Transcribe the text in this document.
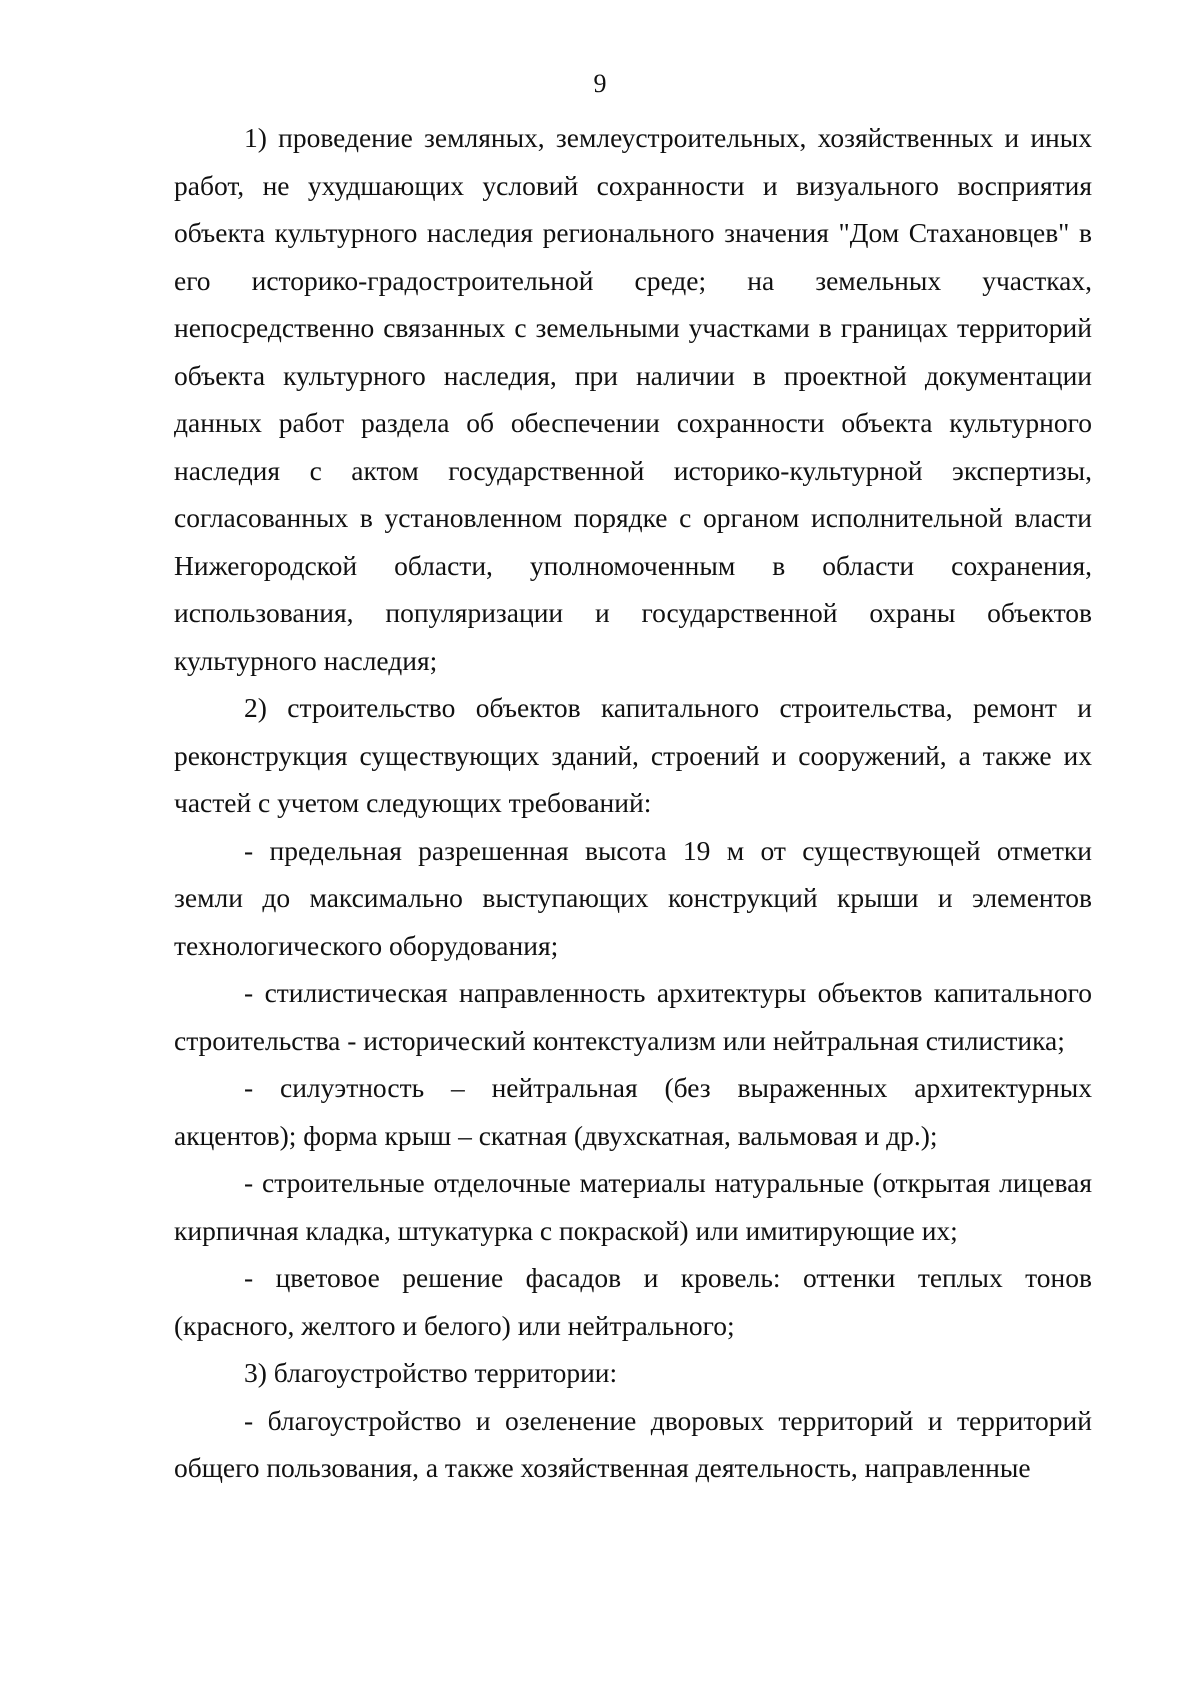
9

1) проведение земляных, землеустроительных, хозяйственных и иных работ, не ухудшающих условий сохранности и визуального восприятия объекта культурного наследия регионального значения "Дом Стахановцев" в его историко-градостроительной среде; на земельных участках, непосредственно связанных с земельными участками в границах территорий объекта культурного наследия, при наличии в проектной документации данных работ раздела об обеспечении сохранности объекта культурного наследия с актом государственной историко-культурной экспертизы, согласованных в установленном порядке с органом исполнительной власти Нижегородской области, уполномоченным в области сохранения, использования, популяризации и государственной охраны объектов культурного наследия;

2) строительство объектов капитального строительства, ремонт и реконструкция существующих зданий, строений и сооружений, а также их частей с учетом следующих требований:

- предельная разрешенная высота 19 м от существующей отметки земли до максимально выступающих конструкций крыши и элементов технологического оборудования;

- стилистическая направленность архитектуры объектов капитального строительства - исторический контекстуализм или нейтральная стилистика;

- силуэтность – нейтральная (без выраженных архитектурных акцентов); форма крыш – скатная (двухскатная, вальмовая и др.);

- строительные отделочные материалы натуральные (открытая лицевая кирпичная кладка, штукатурка с покраской) или имитирующие их;

- цветовое решение фасадов и кровель: оттенки теплых тонов (красного, желтого и белого) или нейтрального;

3) благоустройство территории:

- благоустройство и озеленение дворовых территорий и территорий общего пользования, а также хозяйственная деятельность, направленные
